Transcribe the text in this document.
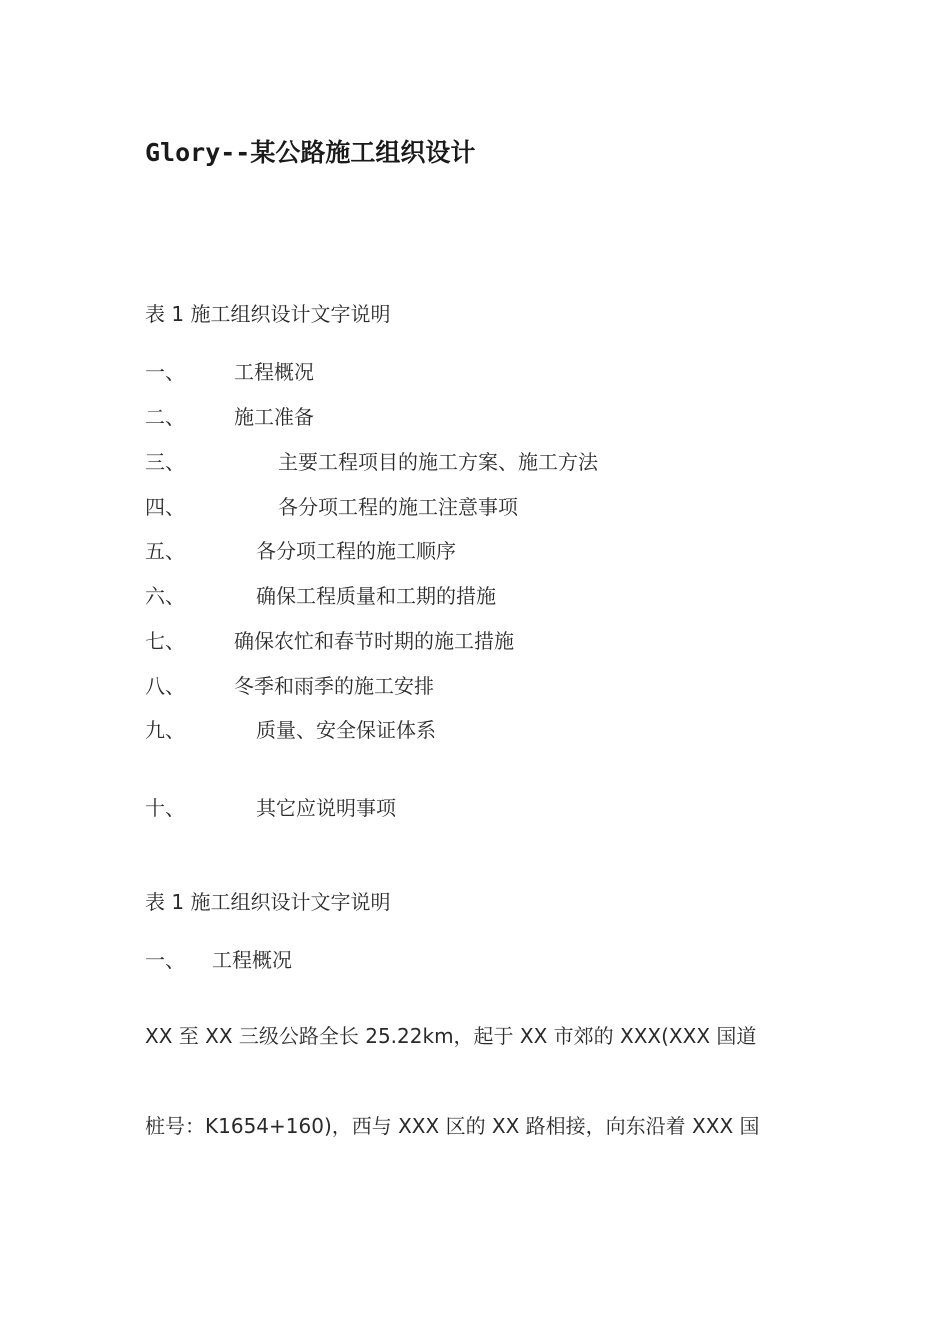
Glory--某公路施工组织设计
表 1 施工组织设计文字说明
一、 工程概况
二、 施工准备
三、	主要工程项目的施工方案、施工方法
四、	各分项工程的施工注意事项
五、	各分项工程的施工顺序
六、	确保工程质量和工期的措施
七、 确保农忙和春节时期的施工措施
八、 冬季和雨季的施工安排
九、	质量、安全保证体系
十、	其它应说明事项
表 1 施工组织设计文字说明
一、 工程概况
XX 至 XX 三级公路全长 25.22km，起于 XX 市郊的 XXX(XXX 国道
桩号：K1654+160)，西与 XXX 区的 XX 路相接，向东沿着 XXX 国
